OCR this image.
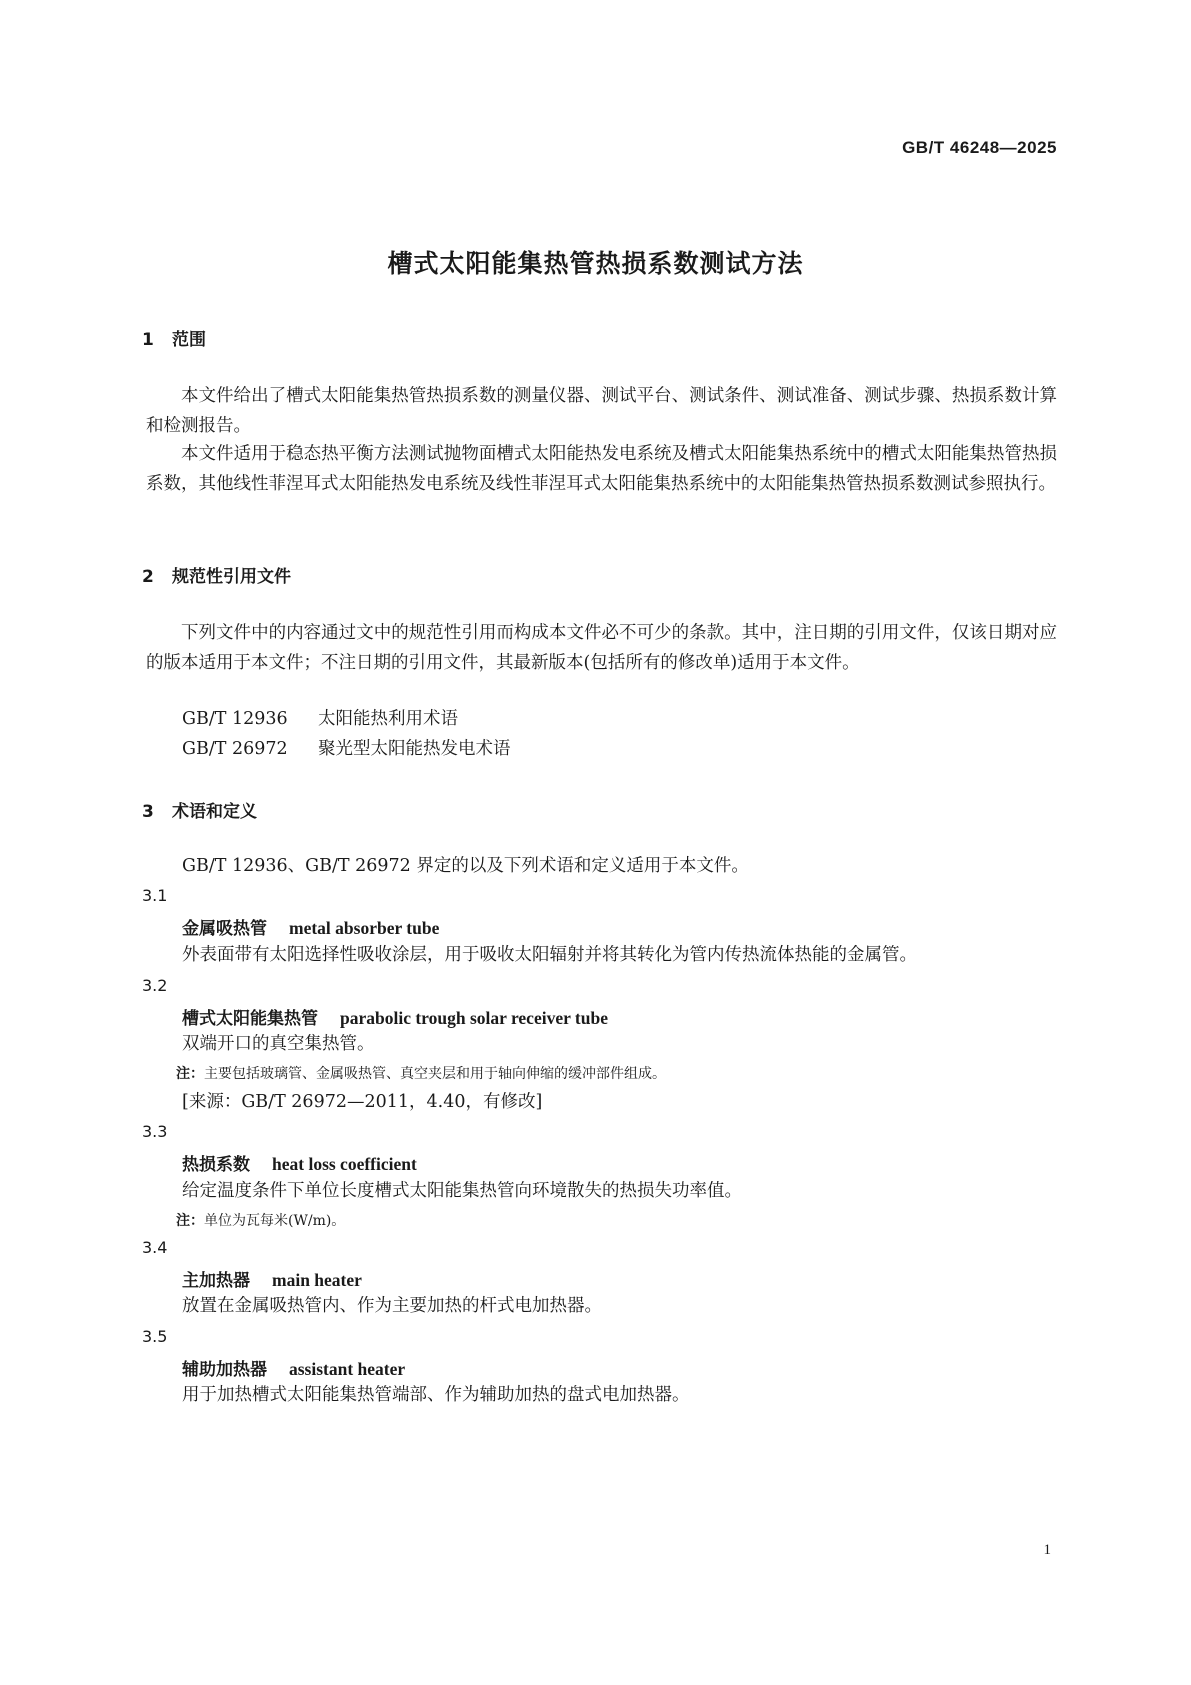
GB/T 46248—2025
槽式太阳能集热管热损系数测试方法
1 范围

本文件给出了槽式太阳能集热管热损系数的测量仪器、测试平台、测试条件、测试准备、测试步骤、热损系数计算和检测报告。

本文件适用于稳态热平衡方法测试抛物面槽式太阳能热发电系统及槽式太阳能集热系统中的槽式太阳能集热管热损系数，其他线性菲涅耳式太阳能热发电系统及线性菲涅耳式太阳能集热系统中的太阳能集热管热损系数测试参照执行。

2 规范性引用文件

下列文件中的内容通过文中的规范性引用而构成本文件必不可少的条款。其中，注日期的引用文件，仅该日期对应的版本适用于本文件；不注日期的引用文件，其最新版本(包括所有的修改单)适用于本文件。

GB/T 12936 太阳能热利用术语
GB/T 26972 聚光型太阳能热发电术语
3 术语和定义
GB/T 12936、GB/T 26972 界定的以及下列术语和定义适用于本文件。
3.1
金属吸热管 metal absorber tube
外表面带有太阳选择性吸收涂层，用于吸收太阳辐射并将其转化为管内传热流体热能的金属管。
3.2
槽式太阳能集热管 parabolic trough solar receiver tube
双端开口的真空集热管。
注：主要包括玻璃管、金属吸热管、真空夹层和用于轴向伸缩的缓冲部件组成。
[来源：GB/T 26972—2011，4.40，有修改]
3.3
热损系数 heat loss coefficient
给定温度条件下单位长度槽式太阳能集热管向环境散失的热损失功率值。
注：单位为瓦每米(W/m)。
3.4
主加热器 main heater
放置在金属吸热管内、作为主要加热的杆式电加热器。
3.5
辅助加热器 assistant heater
用于加热槽式太阳能集热管端部、作为辅助加热的盘式电加热器。
1
